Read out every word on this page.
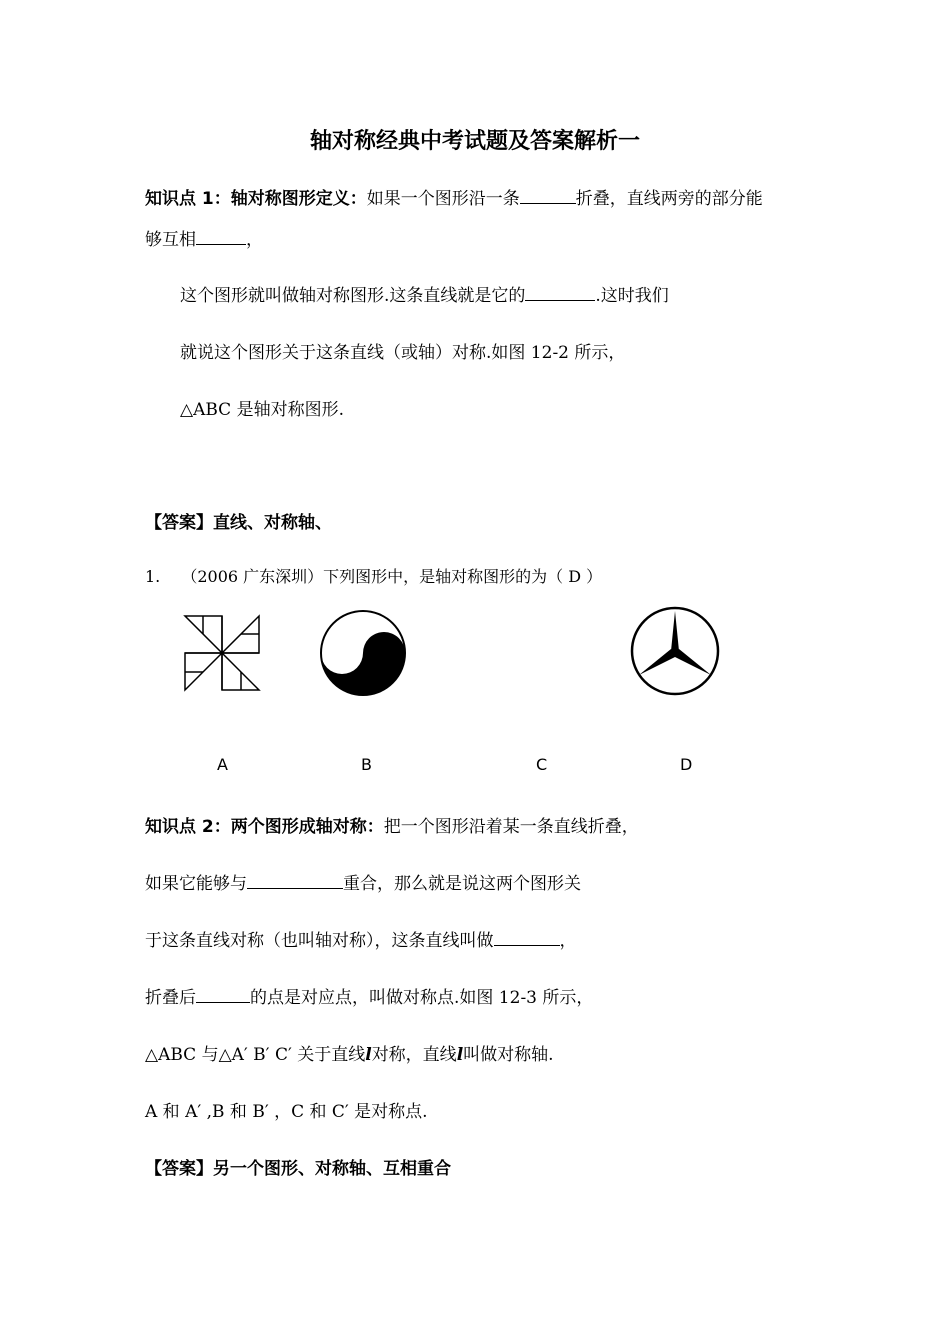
轴对称经典中考试题及答案解析一
知识点 1：轴对称图形定义：如果一个图形沿一条	折叠，直线两旁的部分能
够互相	，
这个图形就叫做轴对称图形.这条直线就是它的	.这时我们
就说这个图形关于这条直线（或轴）对称.如图 12-2 所示，
△ABC 是轴对称图形.
【答案】直线、对称轴、
1. （2006 广东深圳）下列图形中，是轴对称图形的为（ D ）
A	B	C	D
知识点 2：两个图形成轴对称：把一个图形沿着某一条直线折叠，
如果它能够与	重合，那么就是说这两个图形关
于这条直线对称（也叫轴对称），这条直线叫做	，
折叠后	的点是对应点，叫做对称点.如图 12-3 所示，
△ABC 与△A′ B′ C′ 关于直线l对称，直线l叫做对称轴.
A 和 A′ ,B 和 B′ ，C 和 C′ 是对称点.
【答案】另一个图形、对称轴、互相重合
